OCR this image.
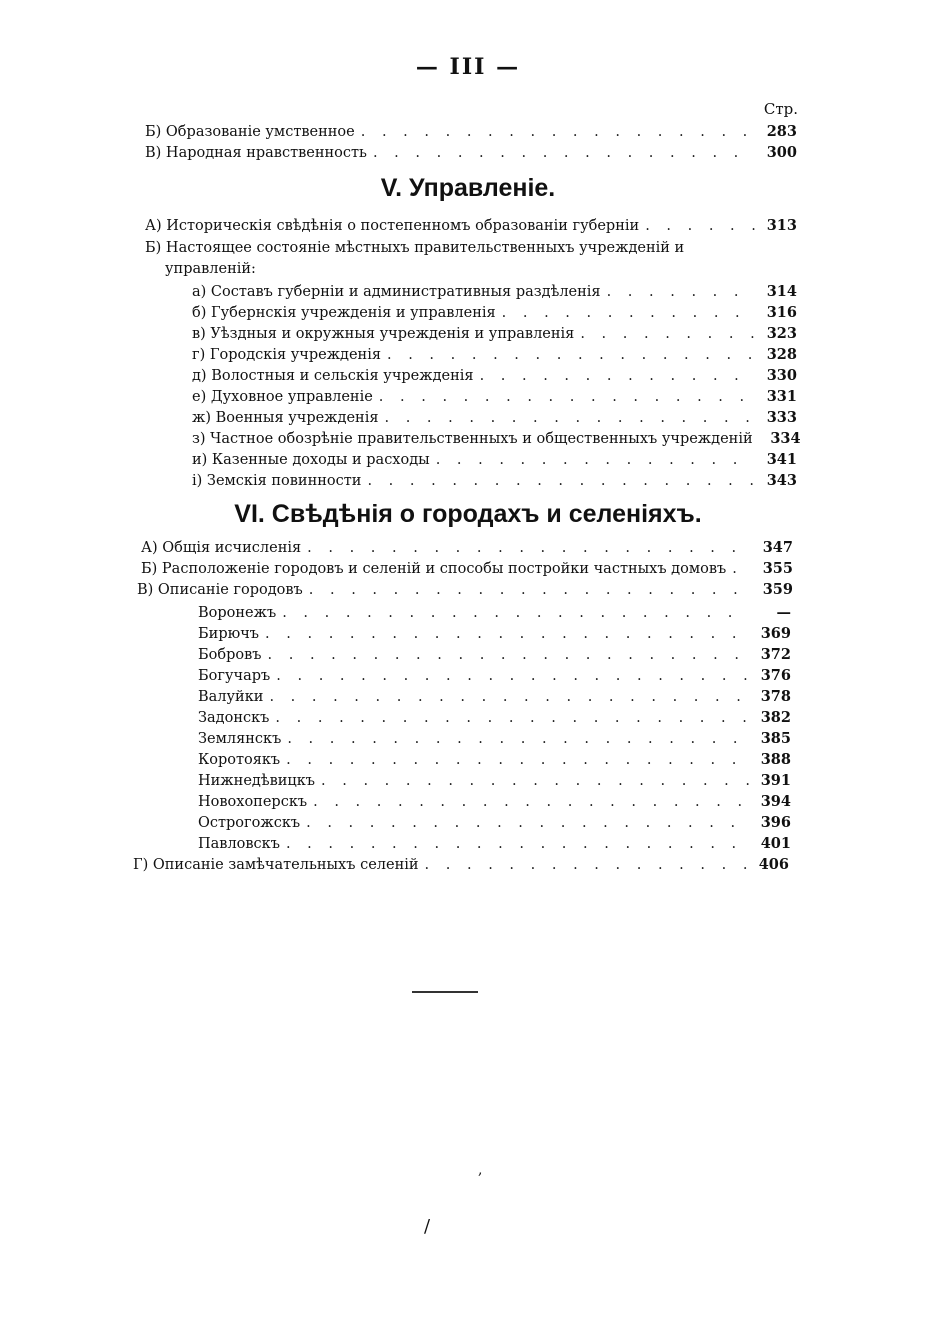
— III —
Стр.
Б) Образованіе умственное . . .	283
В) Народная нравственность . . .	300
V. Управленіе.
А) Историческія свѣдѣнія о постепенномъ образованіи губерніи . . .	313
Б) Настоящее состояніе мѣстныхъ правительственныхъ учрежденій и
управленій:
а) Составъ губерніи и административныя раздѣленія . . .	314
б) Губернскія учрежденія и управленія . . .	316
в) Уѣздныя и окружныя учрежденія и управленія . . .	323
г) Городскія учрежденія . . .	328
д) Волостныя и сельскія учрежденія . . .	330
е) Духовное управленіе . . .	331
ж) Военныя учрежденія . . .	333
з) Частное обозрѣніе правительственныхъ и общественныхъ учрежденій	334
и) Казенные доходы и расходы . . .	341
і) Земскія повинности . . .	343
VI. Свѣдѣнія о городахъ и селеніяхъ.
А) Общія исчисленія . . .	347
Б) Расположеніе городовъ и селеній и способы постройки частныхъ домовъ . . .	355
В) Описаніе городовъ . . .	359
Воронежъ . . .	—
Бирючъ . . .	369
Бобровъ . . .	372
Богучаръ . . .	376
Валуйки . . .	378
Задонскъ . . .	382
Землянскъ . . .	385
Коротоякъ . . .	388
Нижнедѣвицкъ . . .	391
Новохоперскъ . . .	394
Острогожскъ . . .	396
Павловскъ . . .	401
Г) Описаніе замѣчательныхъ селеній . . .	406
,
/
